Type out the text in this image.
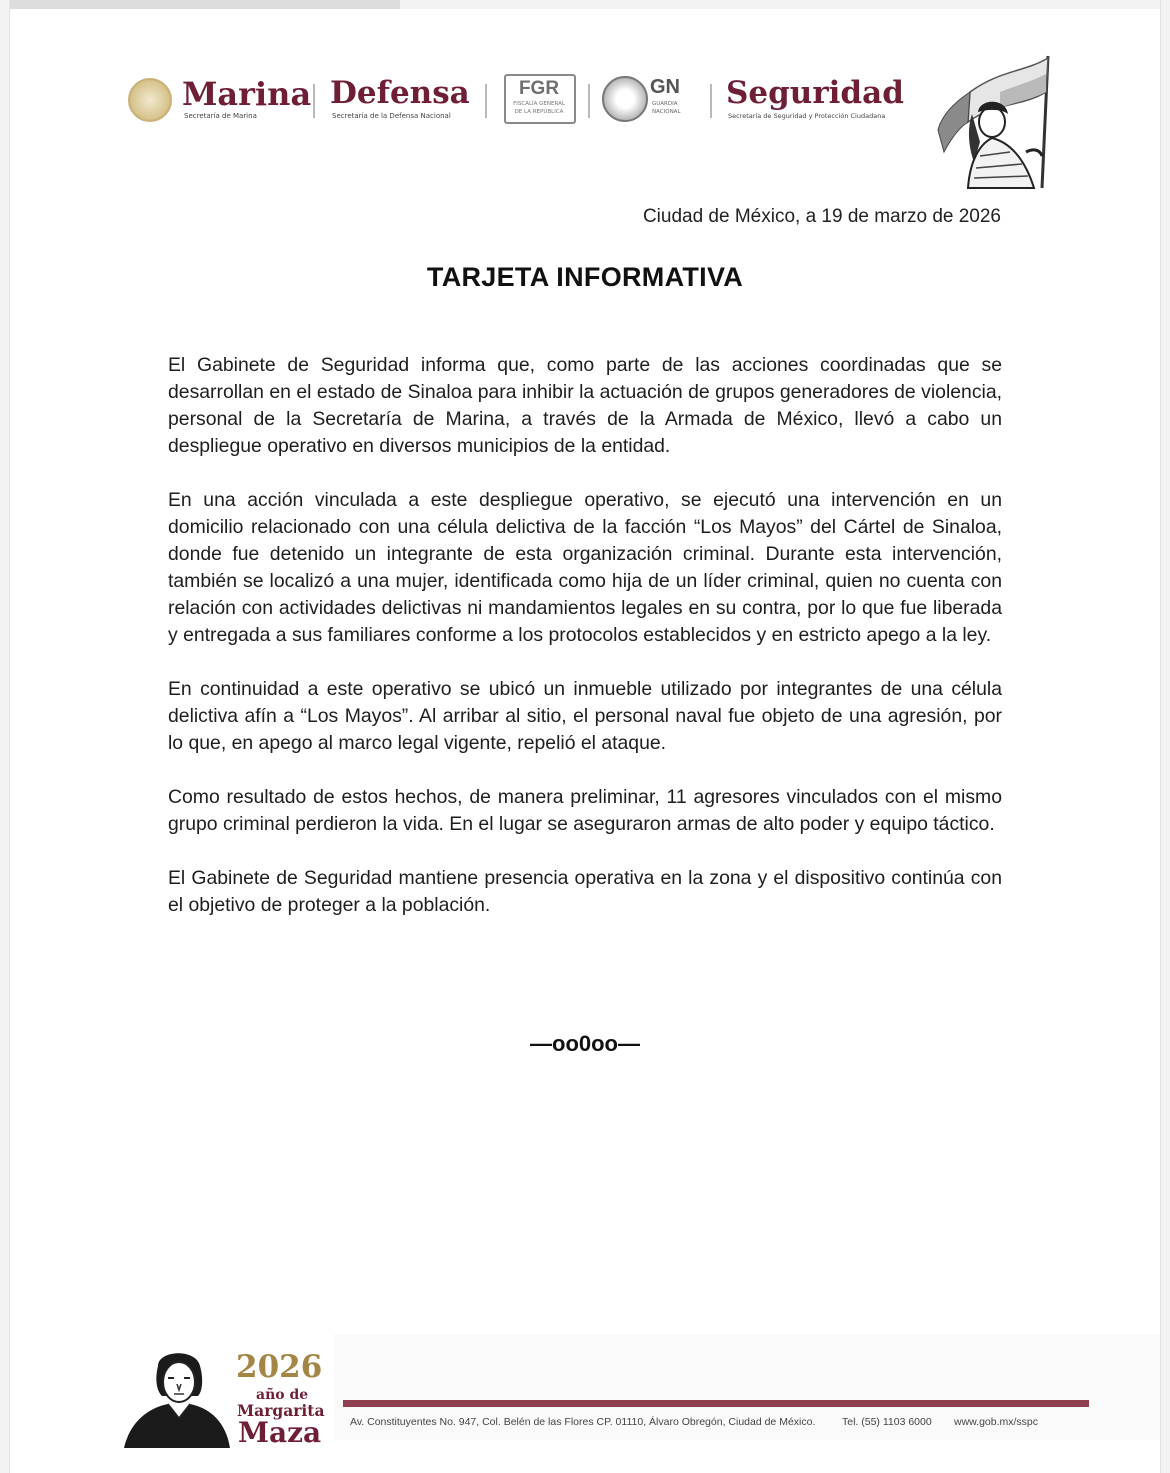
Marina
Secretaría de Marina
Defensa
Secretaría de la Defensa Nacional
FGR
FISCALÍA GENERAL
DE LA REPÚBLICA
GN
GUARDIA
NACIONAL
Seguridad
Secretaría de Seguridad y Protección Ciudadana
Ciudad de México, a 19 de marzo de 2026
TARJETA INFORMATIVA

El Gabinete de Seguridad informa que, como parte de las acciones coordinadas que se desarrollan en el estado de Sinaloa para inhibir la actuación de grupos generadores de violencia, personal de la Secretaría de Marina, a través de la Armada de México, llevó a cabo un despliegue operativo en diversos municipios de la entidad.

En una acción vinculada a este despliegue operativo, se ejecutó una intervención en un domicilio relacionado con una célula delictiva de la facción “Los Mayos” del Cártel de Sinaloa, donde fue detenido un integrante de esta organización criminal. Durante esta intervención, también se localizó a una mujer, identificada como hija de un líder criminal, quien no cuenta con relación con actividades delictivas ni mandamientos legales en su contra, por lo que fue liberada y entregada a sus familiares conforme a los protocolos establecidos y en estricto apego a la ley.

En continuidad a este operativo se ubicó un inmueble utilizado por integrantes de una célula delictiva afín a “Los Mayos”. Al arribar al sitio, el personal naval fue objeto de una agresión, por lo que, en apego al marco legal vigente, repelió el ataque.

Como resultado de estos hechos, de manera preliminar, 11 agresores vinculados con el mismo grupo criminal perdieron la vida. En el lugar se aseguraron armas de alto poder y equipo táctico.

El Gabinete de Seguridad mantiene presencia operativa en la zona y el dispositivo continúa con el objetivo de proteger a la población.

—oo0oo—
2026
año de
Margarita
Maza	Av. Constituyentes No. 947, Col. Belén de las Flores CP. 01110, Álvaro Obregón, Ciudad de México.	Tel. (55) 1103 6000 www.gob.mx/sspc
